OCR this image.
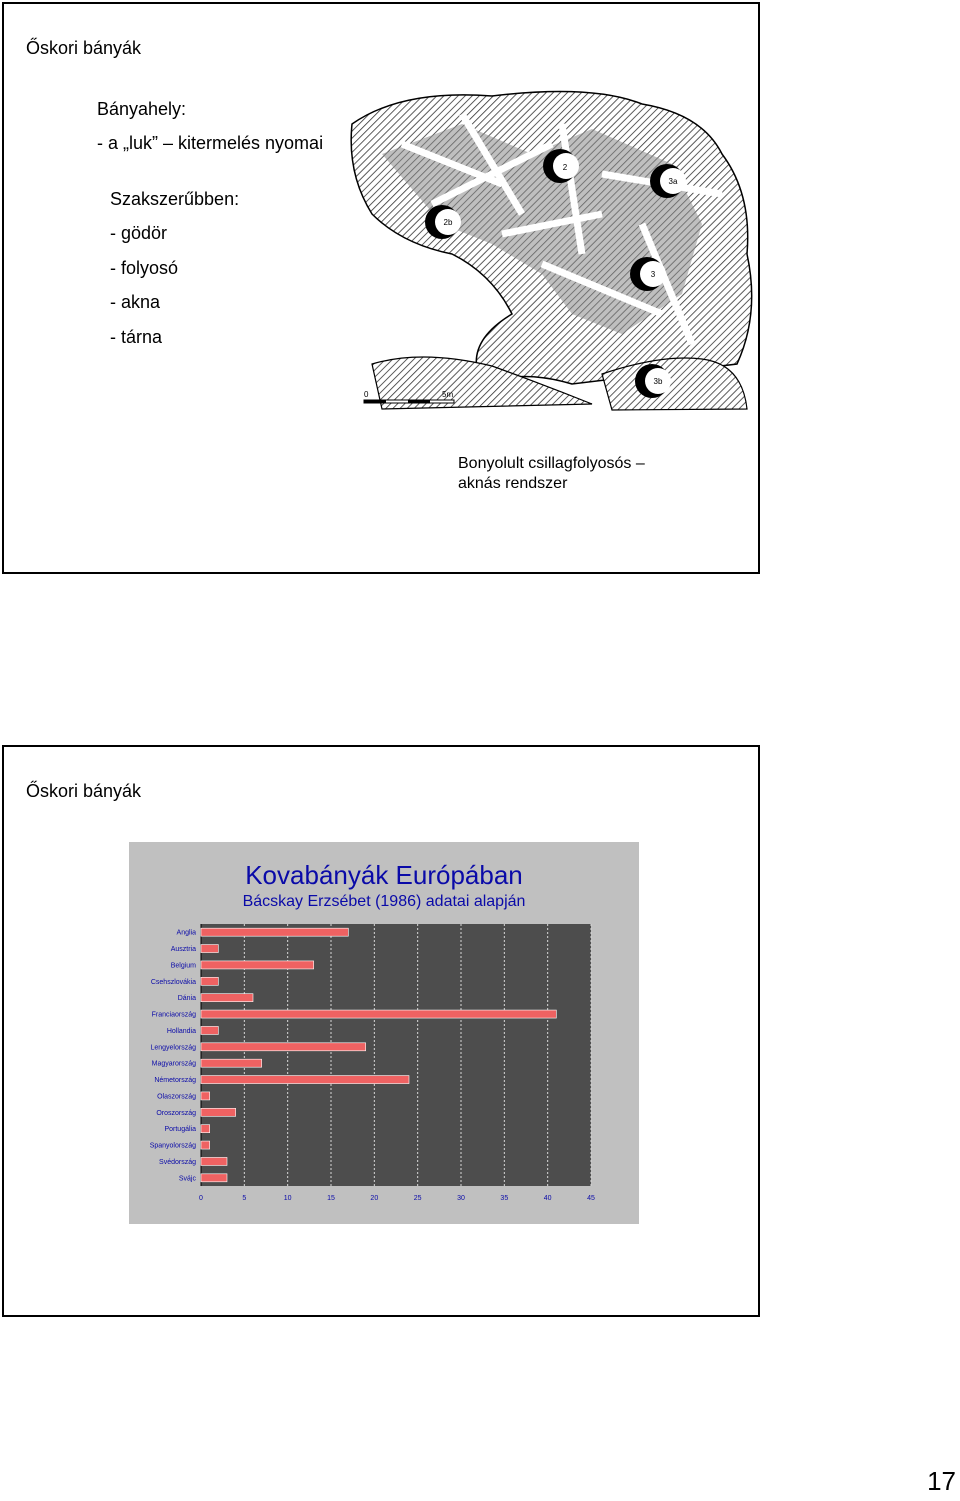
Őskori bányák
Bányahely:
- a „luk” – kitermelés nyomai
Szakszerűbben:
- gödör
- folyosó
- akna
- tárna
2
3a
2b
3
3b
0	5m
Bonyolult csillagfolyosós –
aknás rendszer
Őskori bányák
Kovabányák Európában
Bácskay Erzsébet (1986) adatai alapján
0	5	10	15	20	25	30	35	40	45
Anglia
Ausztria
Belgium
Csehszlovákia
Dánia
Franciaország
Hollandia
Lengyelország
Magyarország
Németország
Olaszország
Oroszország
Portugália
Spanyolország
Svédország
Svájc
17
